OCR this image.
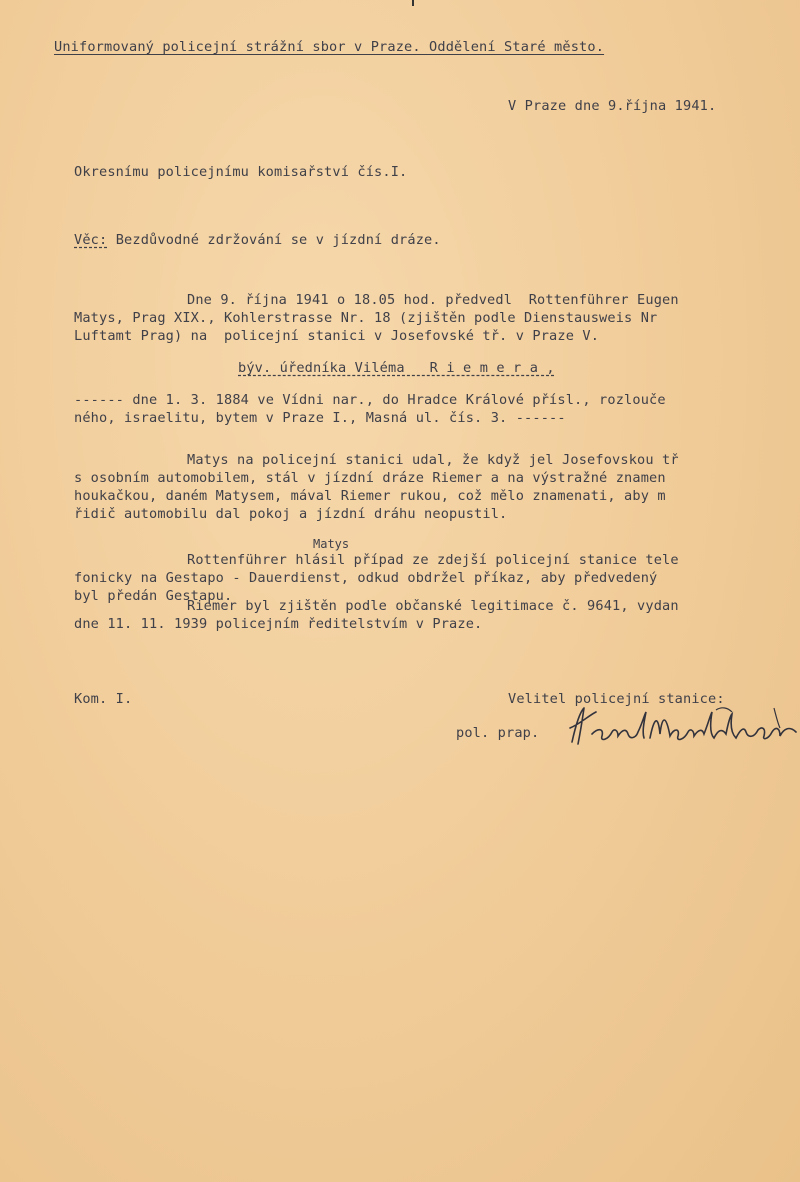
Uniformovaný policejní strážní sbor v Praze. Oddělení Staré město.
V Praze dne 9.října 1941.
Okresnímu policejnímu komisařství čís.I.
Věc: Bezdůvodné zdržování se v jízdní dráze.
Dne 9. října 1941 o 18.05 hod. předvedl  Rottenführer Eugen
Matys, Prag XIX., Kohlerstrasse Nr. 18 (zjištěn podle Dienstausweis Nr
Luftamt Prag) na  policejní stanici v Josefovské tř. v Praze V.
býv. úředníka Viléma   R i e m e r a ,
------ dne 1. 3. 1884 ve Vídni nar., do Hradce Králové přísl., rozlouče
ného, israelitu, bytem v Praze I., Masná ul. čís. 3. ------
Matys na policejní stanici udal, že když jel Josefovskou tř
s osobním automobilem, stál v jízdní dráze Riemer a na výstražné znamen
houkačkou, daném Matysem, mával Riemer rukou, což mělo znamenati, aby m
řidič automobilu dal pokoj a jízdní dráhu neopustil.
Matys
Rottenführer hlásil případ ze zdejší policejní stanice tele
fonicky na Gestapo - Dauerdienst, odkud obdržel příkaz, aby předvedený
byl předán Gestapu.
Riemer byl zjištěn podle občanské legitimace č. 9641, vydan
dne 11. 11. 1939 policejním ředitelstvím v Praze.
Kom. I.	Velitel policejní stanice:
pol. prap.
